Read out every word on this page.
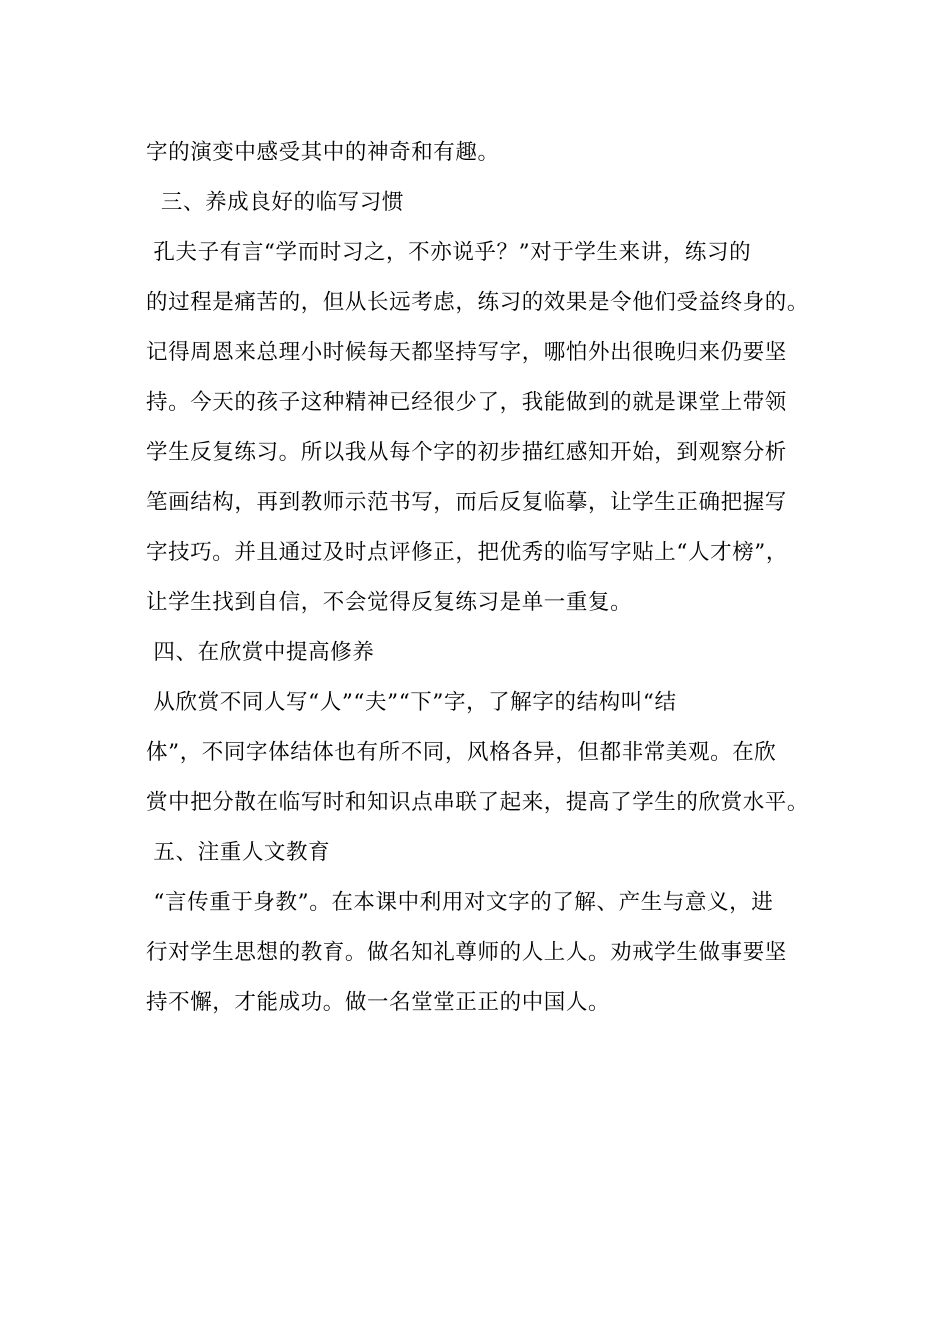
字的演变中感受其中的神奇和有趣。
三、养成良好的临写习惯
孔夫子有言“学而时习之，不亦说乎？”对于学生来讲，练习的
的过程是痛苦的，但从长远考虑，练习的效果是令他们受益终身的。
记得周恩来总理小时候每天都坚持写字，哪怕外出很晚归来仍要坚
持。今天的孩子这种精神已经很少了，我能做到的就是课堂上带领
学生反复练习。所以我从每个字的初步描红感知开始，到观察分析
笔画结构，再到教师示范书写，而后反复临摹，让学生正确把握写
字技巧。并且通过及时点评修正，把优秀的临写字贴上“人才榜”，
让学生找到自信，不会觉得反复练习是单一重复。
四、在欣赏中提高修养
从欣赏不同人写“人”“夫”“下”字，了解字的结构叫“结
体”，不同字体结体也有所不同，风格各异，但都非常美观。在欣
赏中把分散在临写时和知识点串联了起来，提高了学生的欣赏水平。
五、注重人文教育
“言传重于身教”。在本课中利用对文字的了解、产生与意义，进
行对学生思想的教育。做名知礼尊师的人上人。劝戒学生做事要坚
持不懈，才能成功。做一名堂堂正正的中国人。
